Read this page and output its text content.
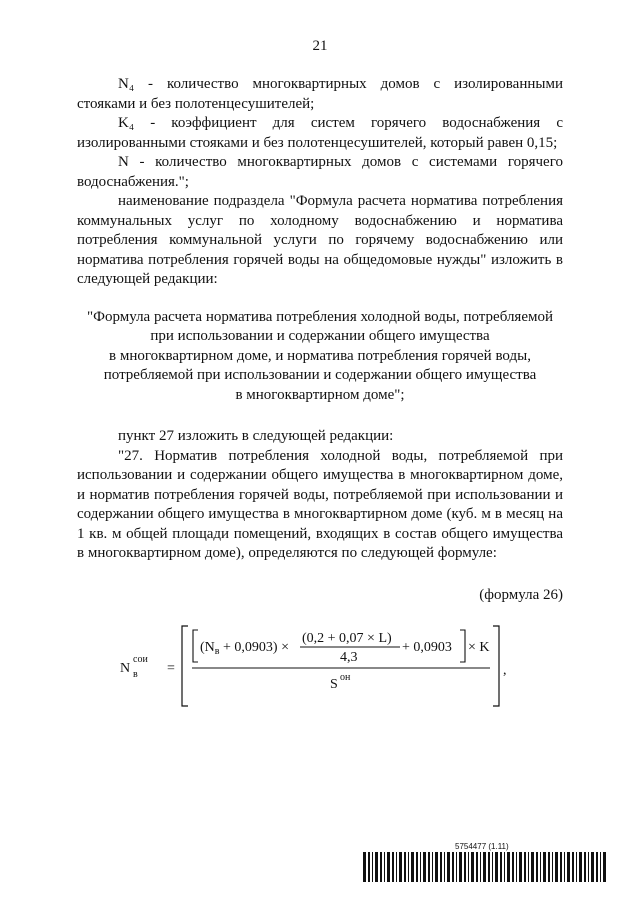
21

N₄ - количество многоквартирных домов с изолированными стояками и без полотенцесушителей;

K₄ - коэффициент для систем горячего водоснабжения с изолированными стояками и без полотенцесушителей, который равен 0,15;

N - количество многоквартирных домов с системами горячего водоснабжения.";

наименование подраздела "Формула расчета норматива потребления коммунальных услуг по холодному водоснабжению и норматива потребления коммунальной услуги по горячему водоснабжению или норматива потребления горячей воды на общедомовые нужды" изложить в следующей редакции:

"Формула расчета норматива потребления холодной воды, потребляемой
при использовании и содержании общего имущества
в многоквартирном доме, и норматива потребления горячей воды,
потребляемой при использовании и содержании общего имущества
в многоквартирном доме";

пункт 27 изложить в следующей редакции:

"27. Норматив потребления холодной воды, потребляемой при использовании и содержании общего имущества в многоквартирном доме, и норматив потребления горячей воды, потребляемой при использовании и содержании общего имущества в многоквартирном доме (куб. м в месяц на 1 кв. м общей площади помещений, входящих в состав общего имущества в многоквартирном доме), определяются по следующей формуле:

(формула 26)
N
сои
в =
$(N_в + 0,0903)$ ×
(0,2 + 0,07 × L)
4,3
+ 0,0903 × K
S он	,
5754477 (1.11)
